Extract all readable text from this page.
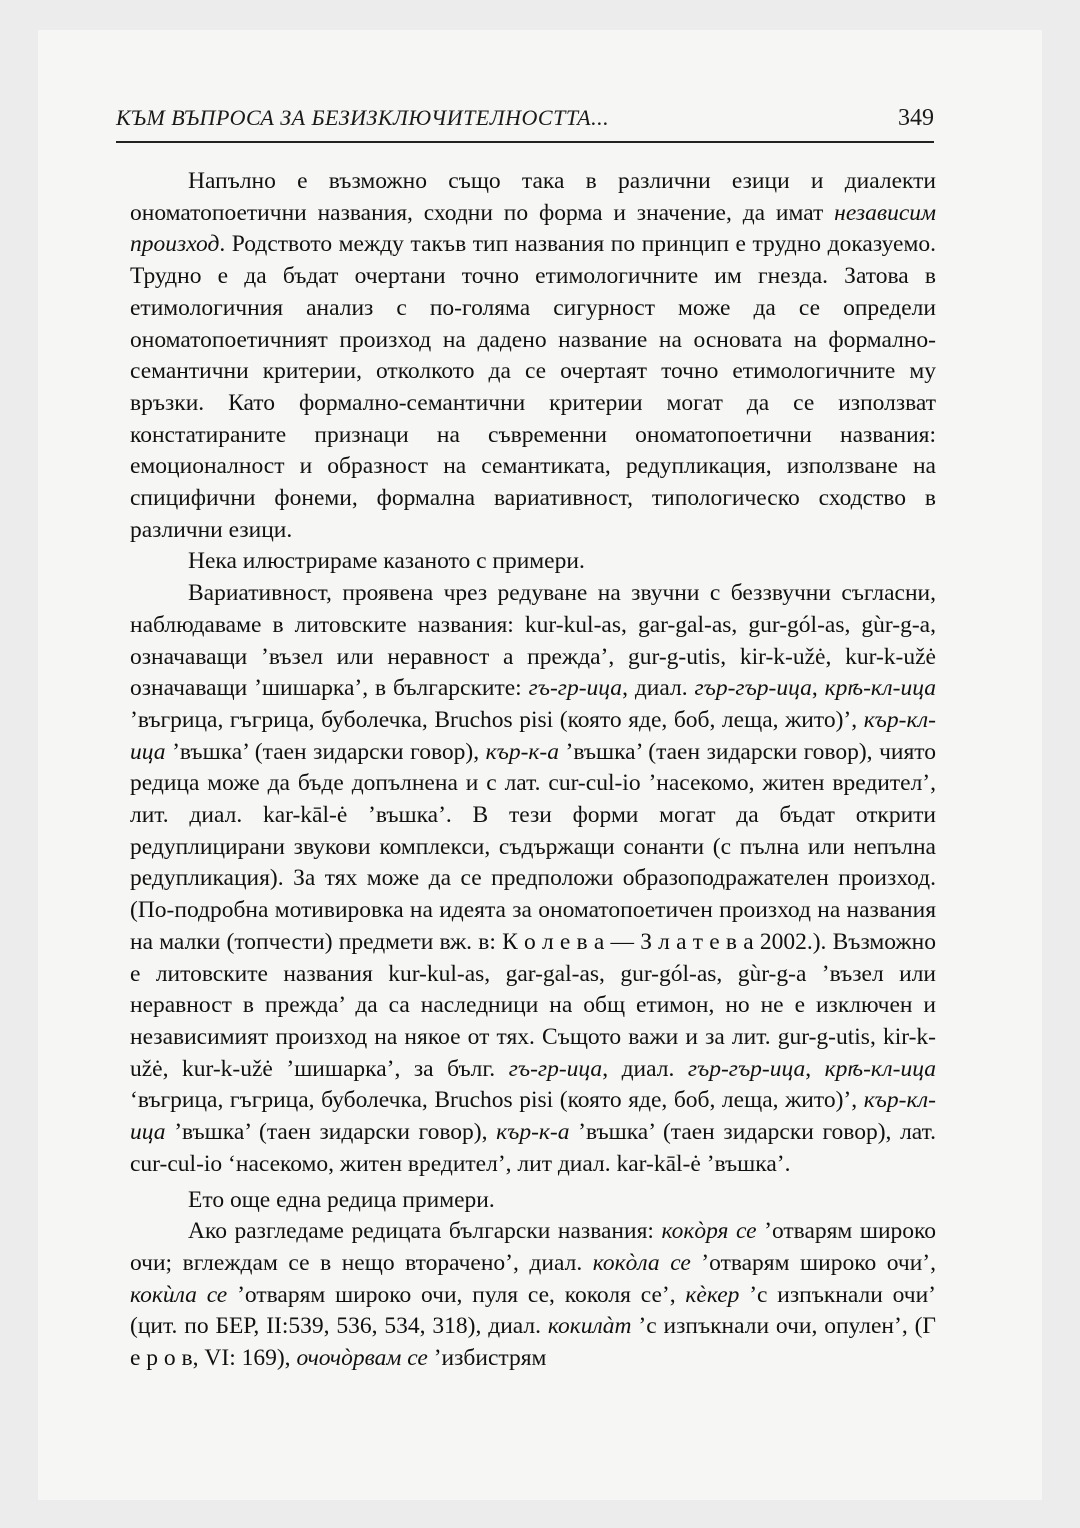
КЪМ ВЪПРОСА ЗА БЕЗИЗКЛЮЧИТЕЛНОСТТА...	349

Напълно е възможно също така в различни езици и диалекти ономатопоетични названия, сходни по форма и значение, да имат независим произход. Родството между такъв тип названия по принцип е трудно доказуемо. Трудно е да бъдат очертани точно етимологичните им гнезда. Затова в етимологичния анализ с по-голяма сигурност може да се определи ономатопоетичният произход на дадено название на основата на формално-семантични критерии, отколкото да се очертаят точно етимологичните му връзки. Като формално-семантични критерии могат да се използват констатираните признаци на съвременни ономатопоетични названия: емоционалност и образност на семантиката, редупликация, използване на спицифични фонеми, формална вариативност, типологическо сходство в различни езици.

Нека илюстрираме казаното с примери.

Вариативност, проявена чрез редуване на звучни с беззвучни съгласни, наблюдаваме в литовските названия: kur-kul-as, gar-gal-as, gur-gól-as, gùr-g-a, означаващи ’възел или неравност а прежда’, gur-g-utis, kir-k-užė, kur-k-užė означаващи ’шишарка’, в българските: гъ-гр-ица, диал. гър-гър-ица, крѣ-кл-ица ’въгрица, гъгрица, буболечка, Bruchos pisi (която яде, боб, леща, жито)’, кър-кл-ица ’въшка’ (таен зидарски говор), кър-к-а ’въшка’ (таен зидарски говор), чиято редица може да бъде допълнена и с лат. cur-cul-io ’насекомо, житен вредител’, лит. диал. kar-kāl-ė ’въшка’. В тези форми могат да бъдат открити редуплицирани звукови комплекси, съдържащи сонанти (с пълна или непълна редупликация). За тях може да се предположи образоподражателен произход. (По-подробна мотивировка на идеята за ономатопоетичен произход на названия на малки (топчести) предмети вж. в: К о л е в а — З л а т е в а 2002.). Възможно е литовските названия kur-kul-as, gar-gal-as, gur-gól-as, gùr-g-a ’възел или неравност в прежда’ да са наследници на общ етимон, но не е изключен и независимият произход на някое от тях. Същото важи и за лит. gur-g-utis, kir-k-užė, kur-k-užė ’шишарка’, за бълг. гъ-гр-ица, диал. гър-гър-ица, крѣ-кл-ица ‘въгрица, гъгрица, буболечка, Bruchos pisi (която яде, боб, леща, жито)’, кър-кл-ица ’въшка’ (таен зидарски говор), кър-к-а ’въшка’ (таен зидарски говор), лат. cur-cul-io ‘насекомо, житен вредител’, лит диал. kar-kāl-ė ’въшка’.

Ето още една редица примери.

Ако разгледаме редицата български названия: кокòря се ’отварям широко очи; вглеждам се в нещо вторачено’, диал. кокòла се ’отварям широко очи’, кокùла се ’отварям широко очи, пуля се, коколя се’, кèкер ’с изпъкнали очи’ (цит. по БЕР, II:539, 536, 534, 318), диал. кокилàт ’с изпъкнали очи, опулен’, (Г е р о в, VI: 169), очочòрвам се ’избистрям
